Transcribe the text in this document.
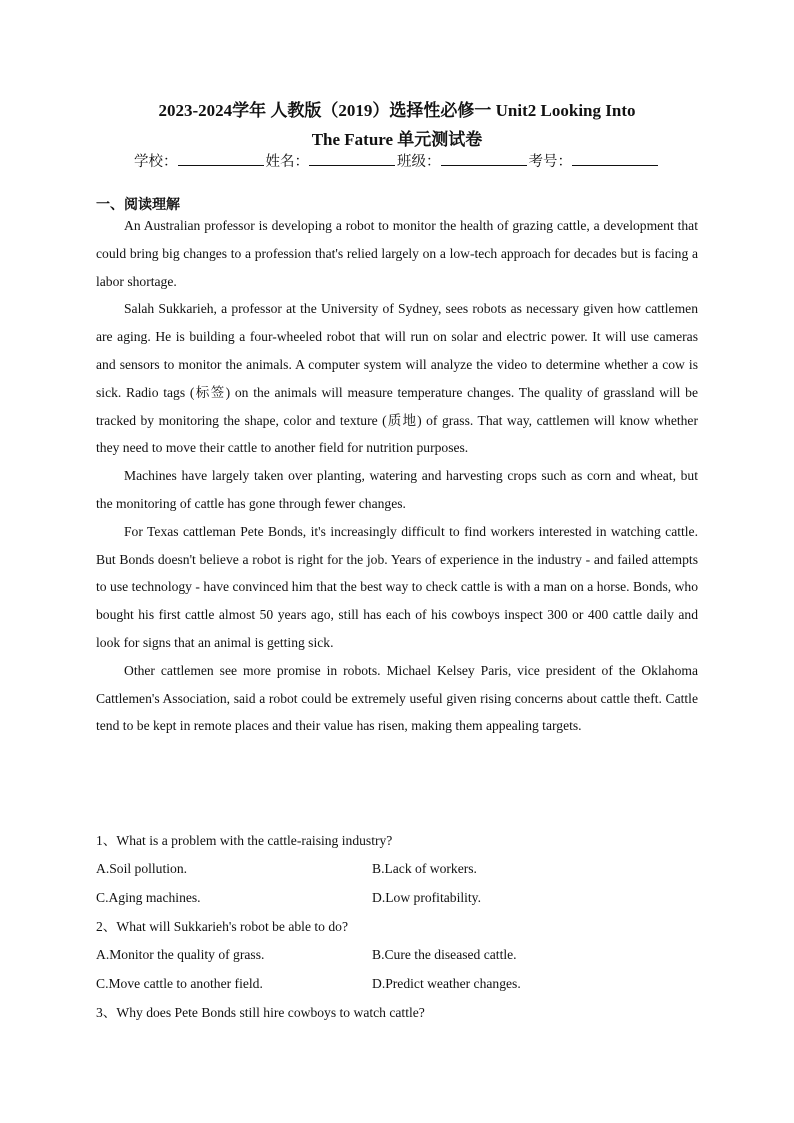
2023-2024学年 人教版（2019）选择性必修一 Unit2 Looking Into
The Fature 单元测试卷
学校：	姓名：	班级：	考号：
一、阅读理解

An Australian professor is developing a robot to monitor the health of grazing cattle, a development that could bring big changes to a profession that's relied largely on a low-tech approach for decades but is facing a labor shortage.

Salah Sukkarieh, a professor at the University of Sydney, sees robots as necessary given how cattlemen are aging. He is building a four-wheeled robot that will run on solar and electric power. It will use cameras and sensors to monitor the animals. A computer system will analyze the video to determine whether a cow is sick. Radio tags (标签) on the animals will measure temperature changes. The quality of grassland will be tracked by monitoring the shape, color and texture (质地) of grass. That way, cattlemen will know whether they need to move their cattle to another field for nutrition purposes.

Machines have largely taken over planting, watering and harvesting crops such as corn and wheat, but the monitoring of cattle has gone through fewer changes.

For Texas cattleman Pete Bonds, it's increasingly difficult to find workers interested in watching cattle. But Bonds doesn't believe a robot is right for the job. Years of experience in the industry - and failed attempts to use technology - have convinced him that the best way to check cattle is with a man on a horse. Bonds, who bought his first cattle almost 50 years ago, still has each of his cowboys inspect 300 or 400 cattle daily and look for signs that an animal is getting sick.

Other cattlemen see more promise in robots. Michael Kelsey Paris, vice president of the Oklahoma Cattlemen's Association, said a robot could be extremely useful given rising concerns about cattle theft. Cattle tend to be kept in remote places and their value has risen, making them appealing targets.

1、What is a problem with the cattle-raising industry?

A.Soil pollution.	B.Lack of workers.
C.Aging machines.	D.Low profitability.

2、What will Sukkarieh's robot be able to do?

A.Monitor the quality of grass.	B.Cure the diseased cattle.
C.Move cattle to another field.	D.Predict weather changes.

3、Why does Pete Bonds still hire cowboys to watch cattle?
